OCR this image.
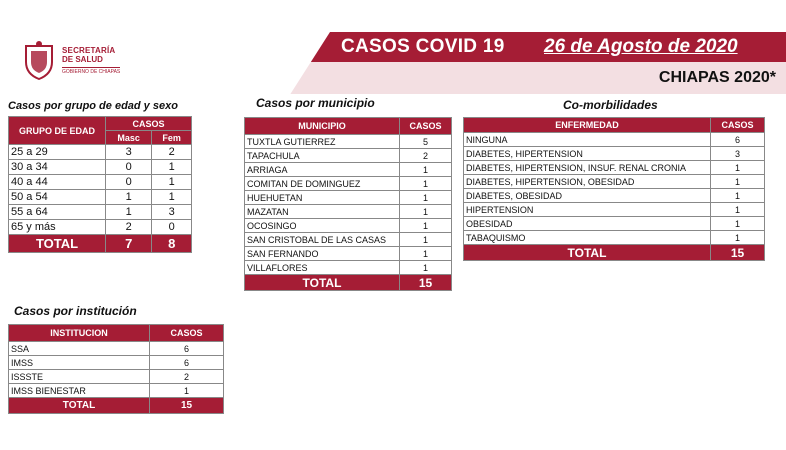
SECRETARÍA
DE SALUD
GOBIERNO DE CHIAPAS
CASOS COVID 19 26 de Agosto de 2020
CHIAPAS 2020*
Casos por grupo de edad y sexo
GRUPO DE EDAD	CASOS	
	Masc	Fem
25 a 29	3	2
30 a 34	0	1
40 a 44	0	1
50 a 54	1	1
55 a 64	1	3
65 y más	2	0
TOTAL	7	8
Casos por municipio
MUNICIPIO	CASOS
TUXTLA GUTIERREZ	5
TAPACHULA	2
ARRIAGA	1
COMITAN DE DOMINGUEZ	1
HUEHUETAN	1
MAZATAN	1
OCOSINGO	1
SAN CRISTOBAL DE LAS CASAS	1
SAN FERNANDO	1
VILLAFLORES	1
TOTAL	15
Co-morbilidades
ENFERMEDAD	CASOS
NINGUNA	6
DIABETES, HIPERTENSION	3
DIABETES, HIPERTENSION, INSUF. RENAL CRONIA	1
DIABETES, HIPERTENSION, OBESIDAD	1
DIABETES, OBESIDAD	1
HIPERTENSION	1
OBESIDAD	1
TABAQUISMO	1
TOTAL	15
Casos por institución
INSTITUCION	CASOS
SSA	6
IMSS	6
ISSSTE	2
IMSS BIENESTAR	1
TOTAL	15
